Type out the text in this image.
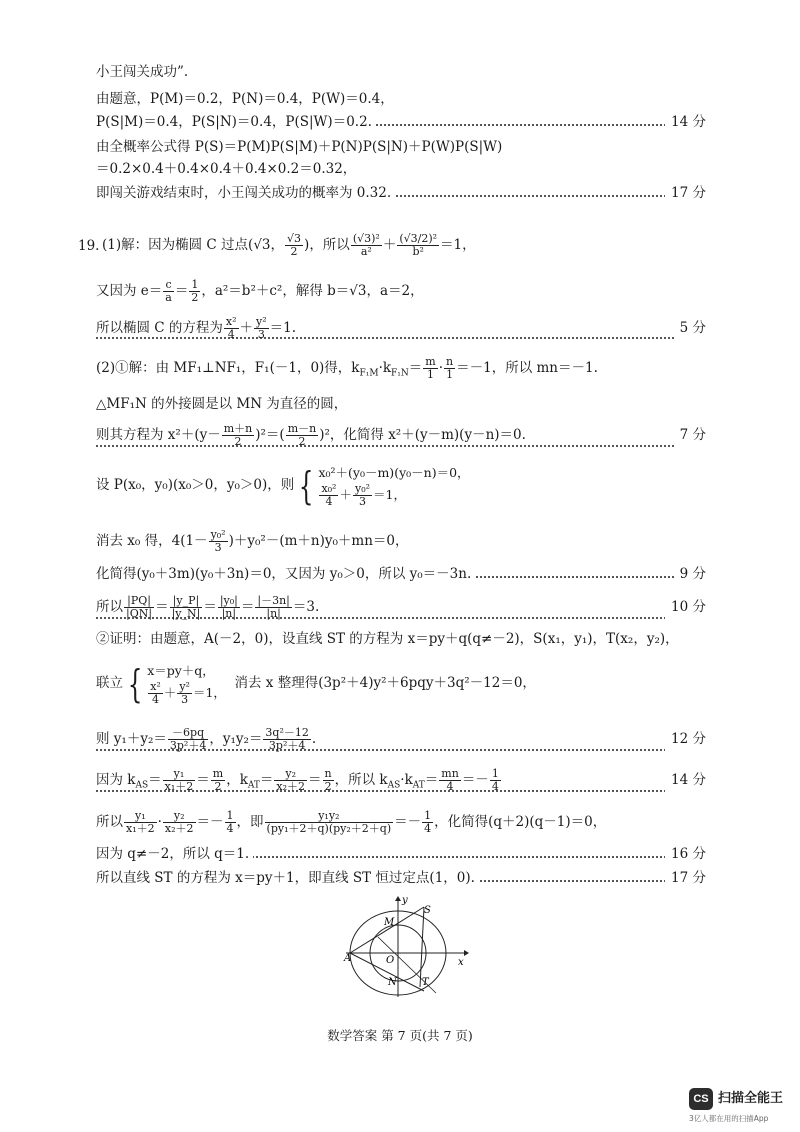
小王闯关成功”.
由题意，P(M)＝0.2，P(N)＝0.4，P(W)＝0.4，
P(S|M)＝0.4，P(S|N)＝0.4，P(S|W)＝0.2.	14 分
由全概率公式得 P(S)＝P(M)P(S|M)＋P(N)P(S|N)＋P(W)P(S|W)
＝0.2×0.4＋0.4×0.4＋0.4×0.2＝0.32，
即闯关游戏结束时，小王闯关成功的概率为 0.32.	17 分
19. (1)解：因为椭圆 C 过点(√3， $\frac{√3}{2}$ )，所以 $\frac{\text{(√3)²}}{\text{a²}} + \frac{\text{(√3/2)²}}{\text{b²}} =1$，
又因为 $e= \frac{c}{a} = \frac{1}{2}$ ，a²＝b²＋c²，解得 b＝√3，a＝2，
所以椭圆 C 的方程为 $\frac{\text{x²}}{4} + \frac{\text{y²}}{3} =1$.	5 分
(2)①解：由 MF₁⊥NF₁，F₁(－1，0)得，$k_{F_1M}\cdot k_{F_1N}= \frac{m}{1} \cdot \frac{n}{1} =-1$，所以 mn＝－1.
△MF₁N 的外接圆是以 MN 为直径的圆，
则其方程为 $x^2+(y- \frac{m+n}{2} )^2=( \frac{m-n}{2} )^2$，化简得 x²＋(y－m)(y－n)＝0.	7 分
设 P(x₀，y₀)(x₀＞0，y₀＞0)，则 { x₀²＋(y₀－m)(y₀－n)＝0，

$\frac{\text{x₀²}}{4} + \frac{\text{y₀²}}{3} =1$，
消去 x₀ 得，$4(1- \frac{\text{y₀²}}{3} )+y_0^2-(m+n)y_0+mn=0$，
化简得(y₀＋3m)(y₀＋3n)＝0，又因为 y₀＞0，所以 y₀＝－3n.	9 分
所以 $\frac{|PQ|}{|QN|} = \frac{|y\_P|}{|y\_N|} = \frac{\text{|y₀|}}{|n|} = \frac{|-3n|}{|n|} =3$.	10 分
②证明：由题意，A(－2，0)，设直线 ST 的方程为 x＝py＋q(q≠－2)，S(x₁，y₁)，T(x₂，y₂)，
联立 { x＝py＋q，

$\frac{\text{x²}}{4} + \frac{\text{y²}}{3} =1$，  消去 x 整理得(3p²＋4)y²＋6pqy＋3q²－12＝0，
则 $y_1+y_2= \frac{-6pq}{\text{3p²＋4}}$ ，$y_1y_2= \frac{\text{3q²－12}}{\text{3p²＋4}}$ .	12 分
因为 $k_{AS}= \frac{\text{y₁}}{\text{x₁＋2}} = \frac{m}{2}$ ，$k_{AT}= \frac{\text{y₂}}{\text{x₂＋2}} = \frac{n}{2}$ ，所以 $k_{AS}\cdot k_{AT}= \frac{mn}{4} =- \frac{1}{4}$	14 分
所以 $\frac{\text{y₁}}{\text{x₁＋2}} \cdot \frac{\text{y₂}}{\text{x₂＋2}} =- \frac{1}{4}$ ，即 $\frac{\text{y₁y₂}}{\text{(py₁＋2＋q)(py₂＋2＋q)}} =- \frac{1}{4}$ ，化简得(q＋2)(q－1)＝0，
因为 q≠－2，所以 q＝1.	16 分
所以直线 ST 的方程为 x＝py＋1，即直线 ST 恒过定点(1，0).	17 分
y
x
M
S
A	O
N	T
数学答案 第 7 页(共 7 页)
CS 扫描全能王
3亿人都在用的扫描App
